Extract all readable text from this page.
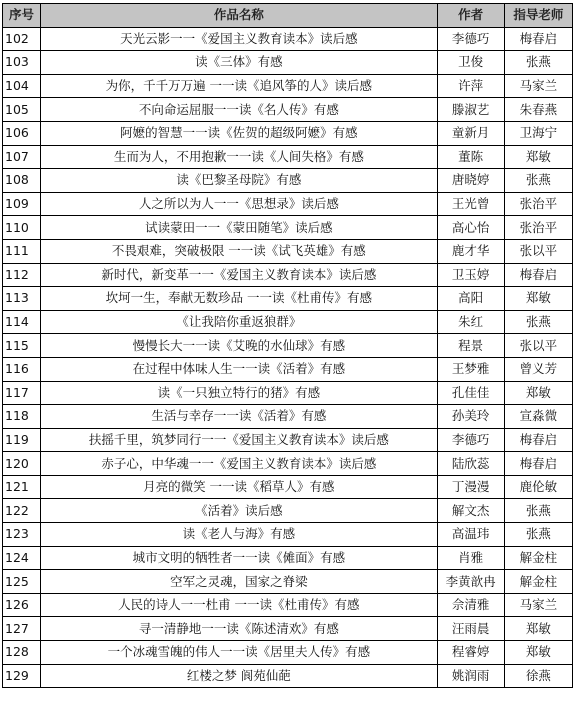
序号	作品名称	作者	指导老师
102	天光云影一一《爱国主义教育读本》读后感	李德巧	梅春启
103	读《三体》有感	卫俊	张燕
104	为你，千千万万遍 一一读《追风筝的人》读后感	许萍	马家兰
105	不向命运屈服一一读《名人传》有感	滕淑艺	朱春燕
106	阿嬷的智慧一一读《佐贺的超级阿嬷》有感	童新月	卫海宁
107	生而为人，不用抱歉一一读《人间失格》有感	董陈	郑敏
108	读《巴黎圣母院》有感	唐晓婷	张燕
109	人之所以为人一一《思想录》读后感	王光曾	张治平
110	试读蒙田一一《蒙田随笔》读后感	高心怡	张治平
111	不畏艰难，突破极限 一一读《试飞英雄》有感	鹿才华	张以平
112	新时代，新变革一一《爱国主义教育读本》读后感	卫玉婷	梅春启
113	坎坷一生，奉献无数珍品 一一读《杜甫传》有感	高阳	郑敏
114	《让我陪你重返狼群》	朱红	张燕
115	慢慢长大一一读《艾晚的水仙球》有感	程景	张以平
116	在过程中体味人生一一读《活着》有感	王梦雅	曾义芳
117	读《一只独立特行的猪》有感	孔佳佳	郑敏
118	生活与幸存一一读《活着》有感	孙美玲	宣淼微
119	扶摇千里，筑梦同行一一《爱国主义教育读本》读后感	李德巧	梅春启
120	赤子心，中华魂一一《爱国主义教育读本》读后感	陆欣蕊	梅春启
121	月亮的微笑 一一读《稻草人》有感	丁漫漫	鹿伦敏
122	《活着》读后感	解文杰	张燕
123	读《老人与海》有感	高温玮	张燕
124	城市文明的牺牲者一一读《傩面》有感	肖雅	解金柱
125	空军之灵魂，国家之脊梁	李黄歆冉	解金柱
126	人民的诗人一一杜甫 一一读《杜甫传》有感	佘清雅	马家兰
127	寻一清静地一一读《陈述清欢》有感	汪雨晨	郑敏
128	一个冰魂雪魄的伟人一一读《居里夫人传》有感	程睿婷	郑敏
129	红楼之梦 阆苑仙葩	姚润雨	徐燕
